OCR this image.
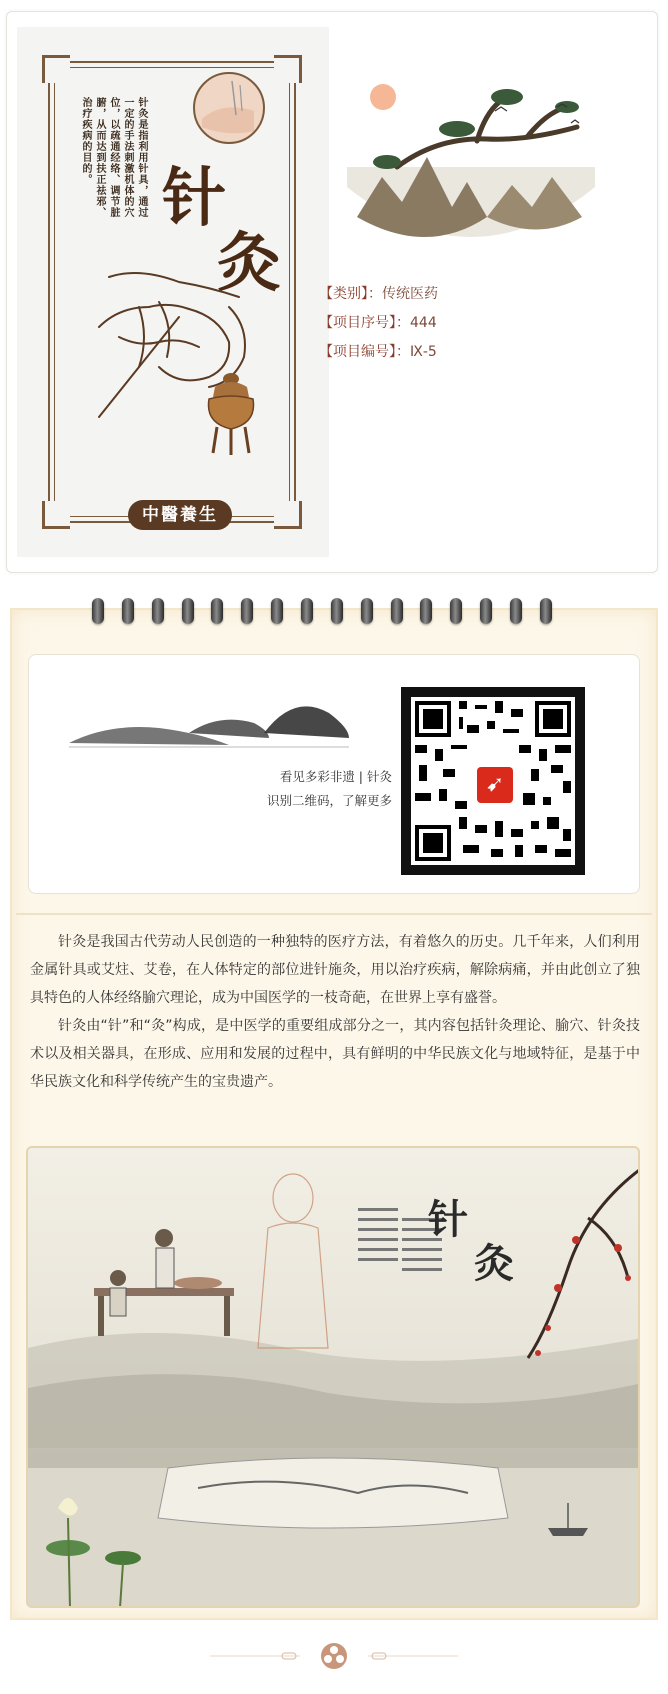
针灸是指利用针具，通过一定的手法刺激机体的穴位，以疏通经络、调节脏腑，从而达到扶正祛邪、治疗疾病的目的。
针
灸
中醫養生
【类别】：传统医药
【项目序号】：444
【项目编号】：Ⅸ-5
看见多彩非遗 | 针灸
识别二维码，了解更多
➹

针灸是我国古代劳动人民创造的一种独特的医疗方法，有着悠久的历史。几千年来，人们利用金属针具或艾炷、艾卷，在人体特定的部位进针施灸，用以治疗疾病，解除病痛，并由此创立了独具特色的人体经络腧穴理论，成为中国医学的一枝奇葩，在世界上享有盛誉。

针灸由“针”和“灸”构成，是中医学的重要组成部分之一，其内容包括针灸理论、腧穴、针灸技术以及相关器具，在形成、应用和发展的过程中，具有鲜明的中华民族文化与地域特征，是基于中华民族文化和科学传统产生的宝贵遗产。

针
灸
